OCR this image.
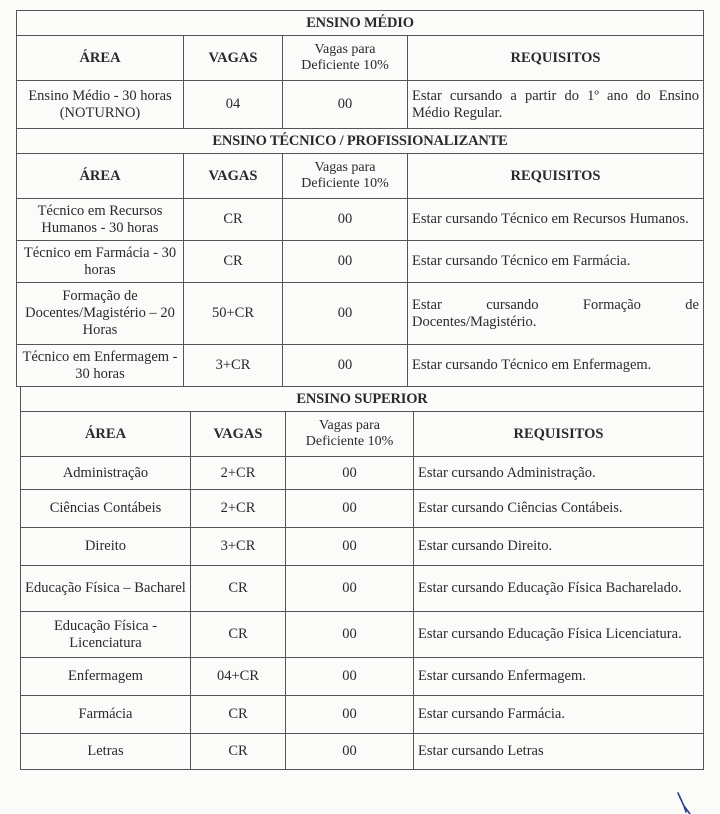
ENSINO MÉDIO			
ÁREA	VAGAS	Vagas para Deficiente 10%	REQUISITOS
Ensino Médio - 30 horas (NOTURNO)	04	00	Estar cursando a partir do 1º ano do Ensino Médio Regular.
ENSINO TÉCNICO / PROFISSIONALIZANTE			
ÁREA	VAGAS	Vagas para Deficiente 10%	REQUISITOS
Técnico em Recursos Humanos - 30 horas	CR	00	Estar cursando Técnico em Recursos Humanos.
Técnico em Farmácia - 30 horas	CR	00	Estar cursando Técnico em Farmácia.
Formação de Docentes/Magistério – 20 Horas	50+CR	00	Estar cursando Formação de Docentes/Magistério.
Técnico em Enfermagem - 30 horas	3+CR	00	Estar cursando Técnico em Enfermagem.
ENSINO SUPERIOR			
ÁREA	VAGAS	Vagas para Deficiente 10%	REQUISITOS
Administração	2+CR	00	Estar cursando Administração.
Ciências Contábeis	2+CR	00	Estar cursando Ciências Contábeis.
Direito	3+CR	00	Estar cursando Direito.
Educação Física – Bacharel	CR	00	Estar cursando Educação Física Bacharelado.
Educação Física - Licenciatura	CR	00	Estar cursando Educação Física Licenciatura.
Enfermagem	04+CR	00	Estar cursando Enfermagem.
Farmácia	CR	00	Estar cursando Farmácia.
Letras	CR	00	Estar cursando Letras
